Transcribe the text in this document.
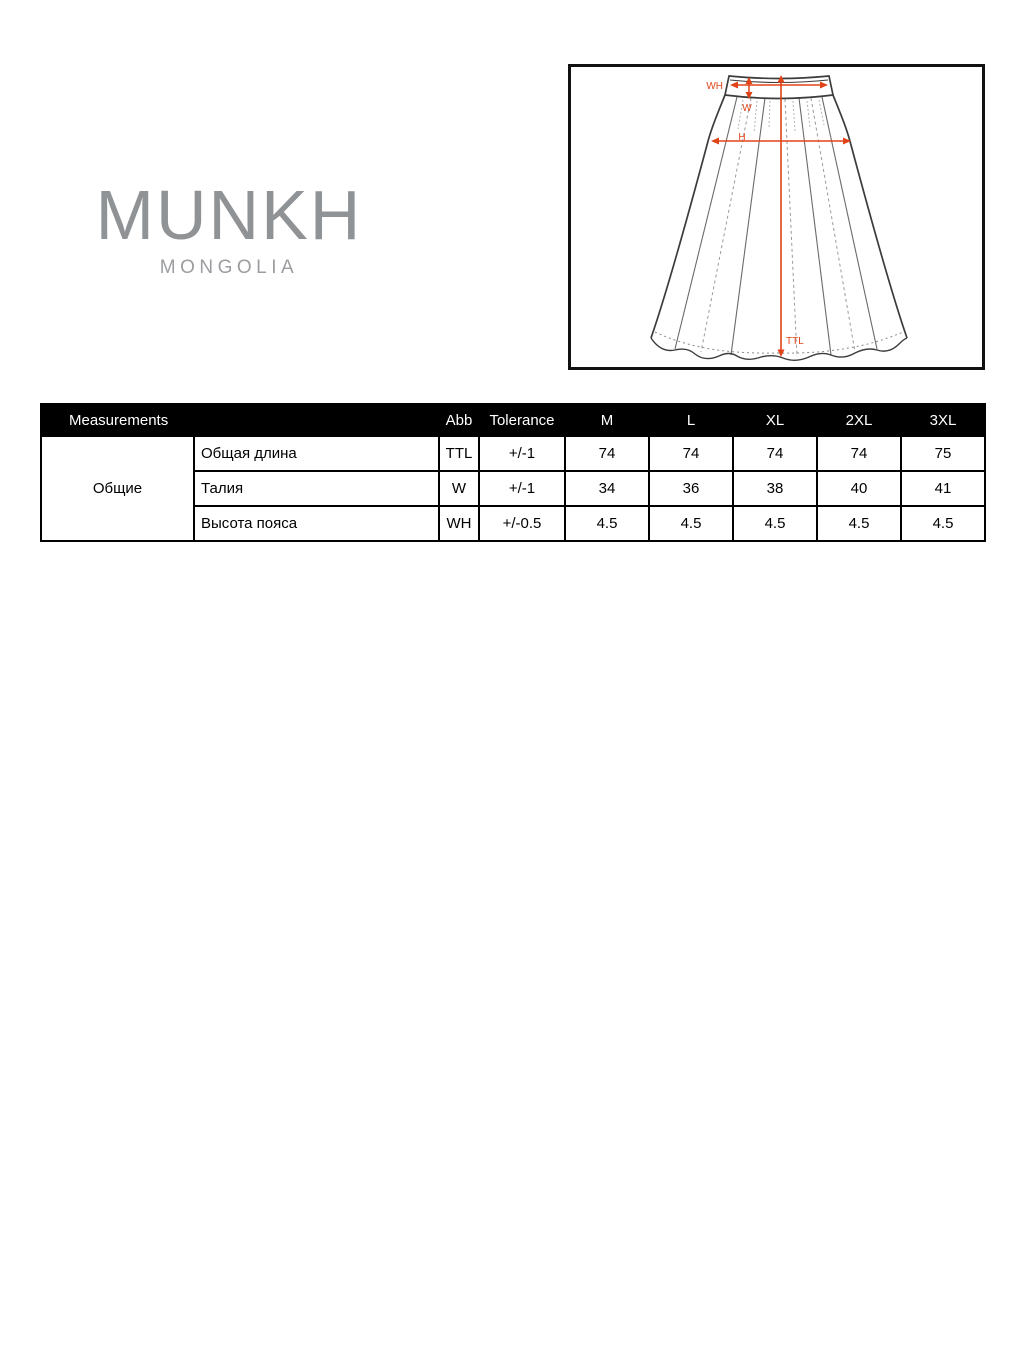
MUNKH
MONGOLIA
WH
W
H
TTL
Measurements		Abb	Tolerance	M	L	XL	2XL	3XL
Общие	Общая длина	TTL	+/-1	74	74	74	74	75
	Талия	W	+/-1	34	36	38	40	41
	Высота пояса	WH	+/-0.5	4.5	4.5	4.5	4.5	4.5
